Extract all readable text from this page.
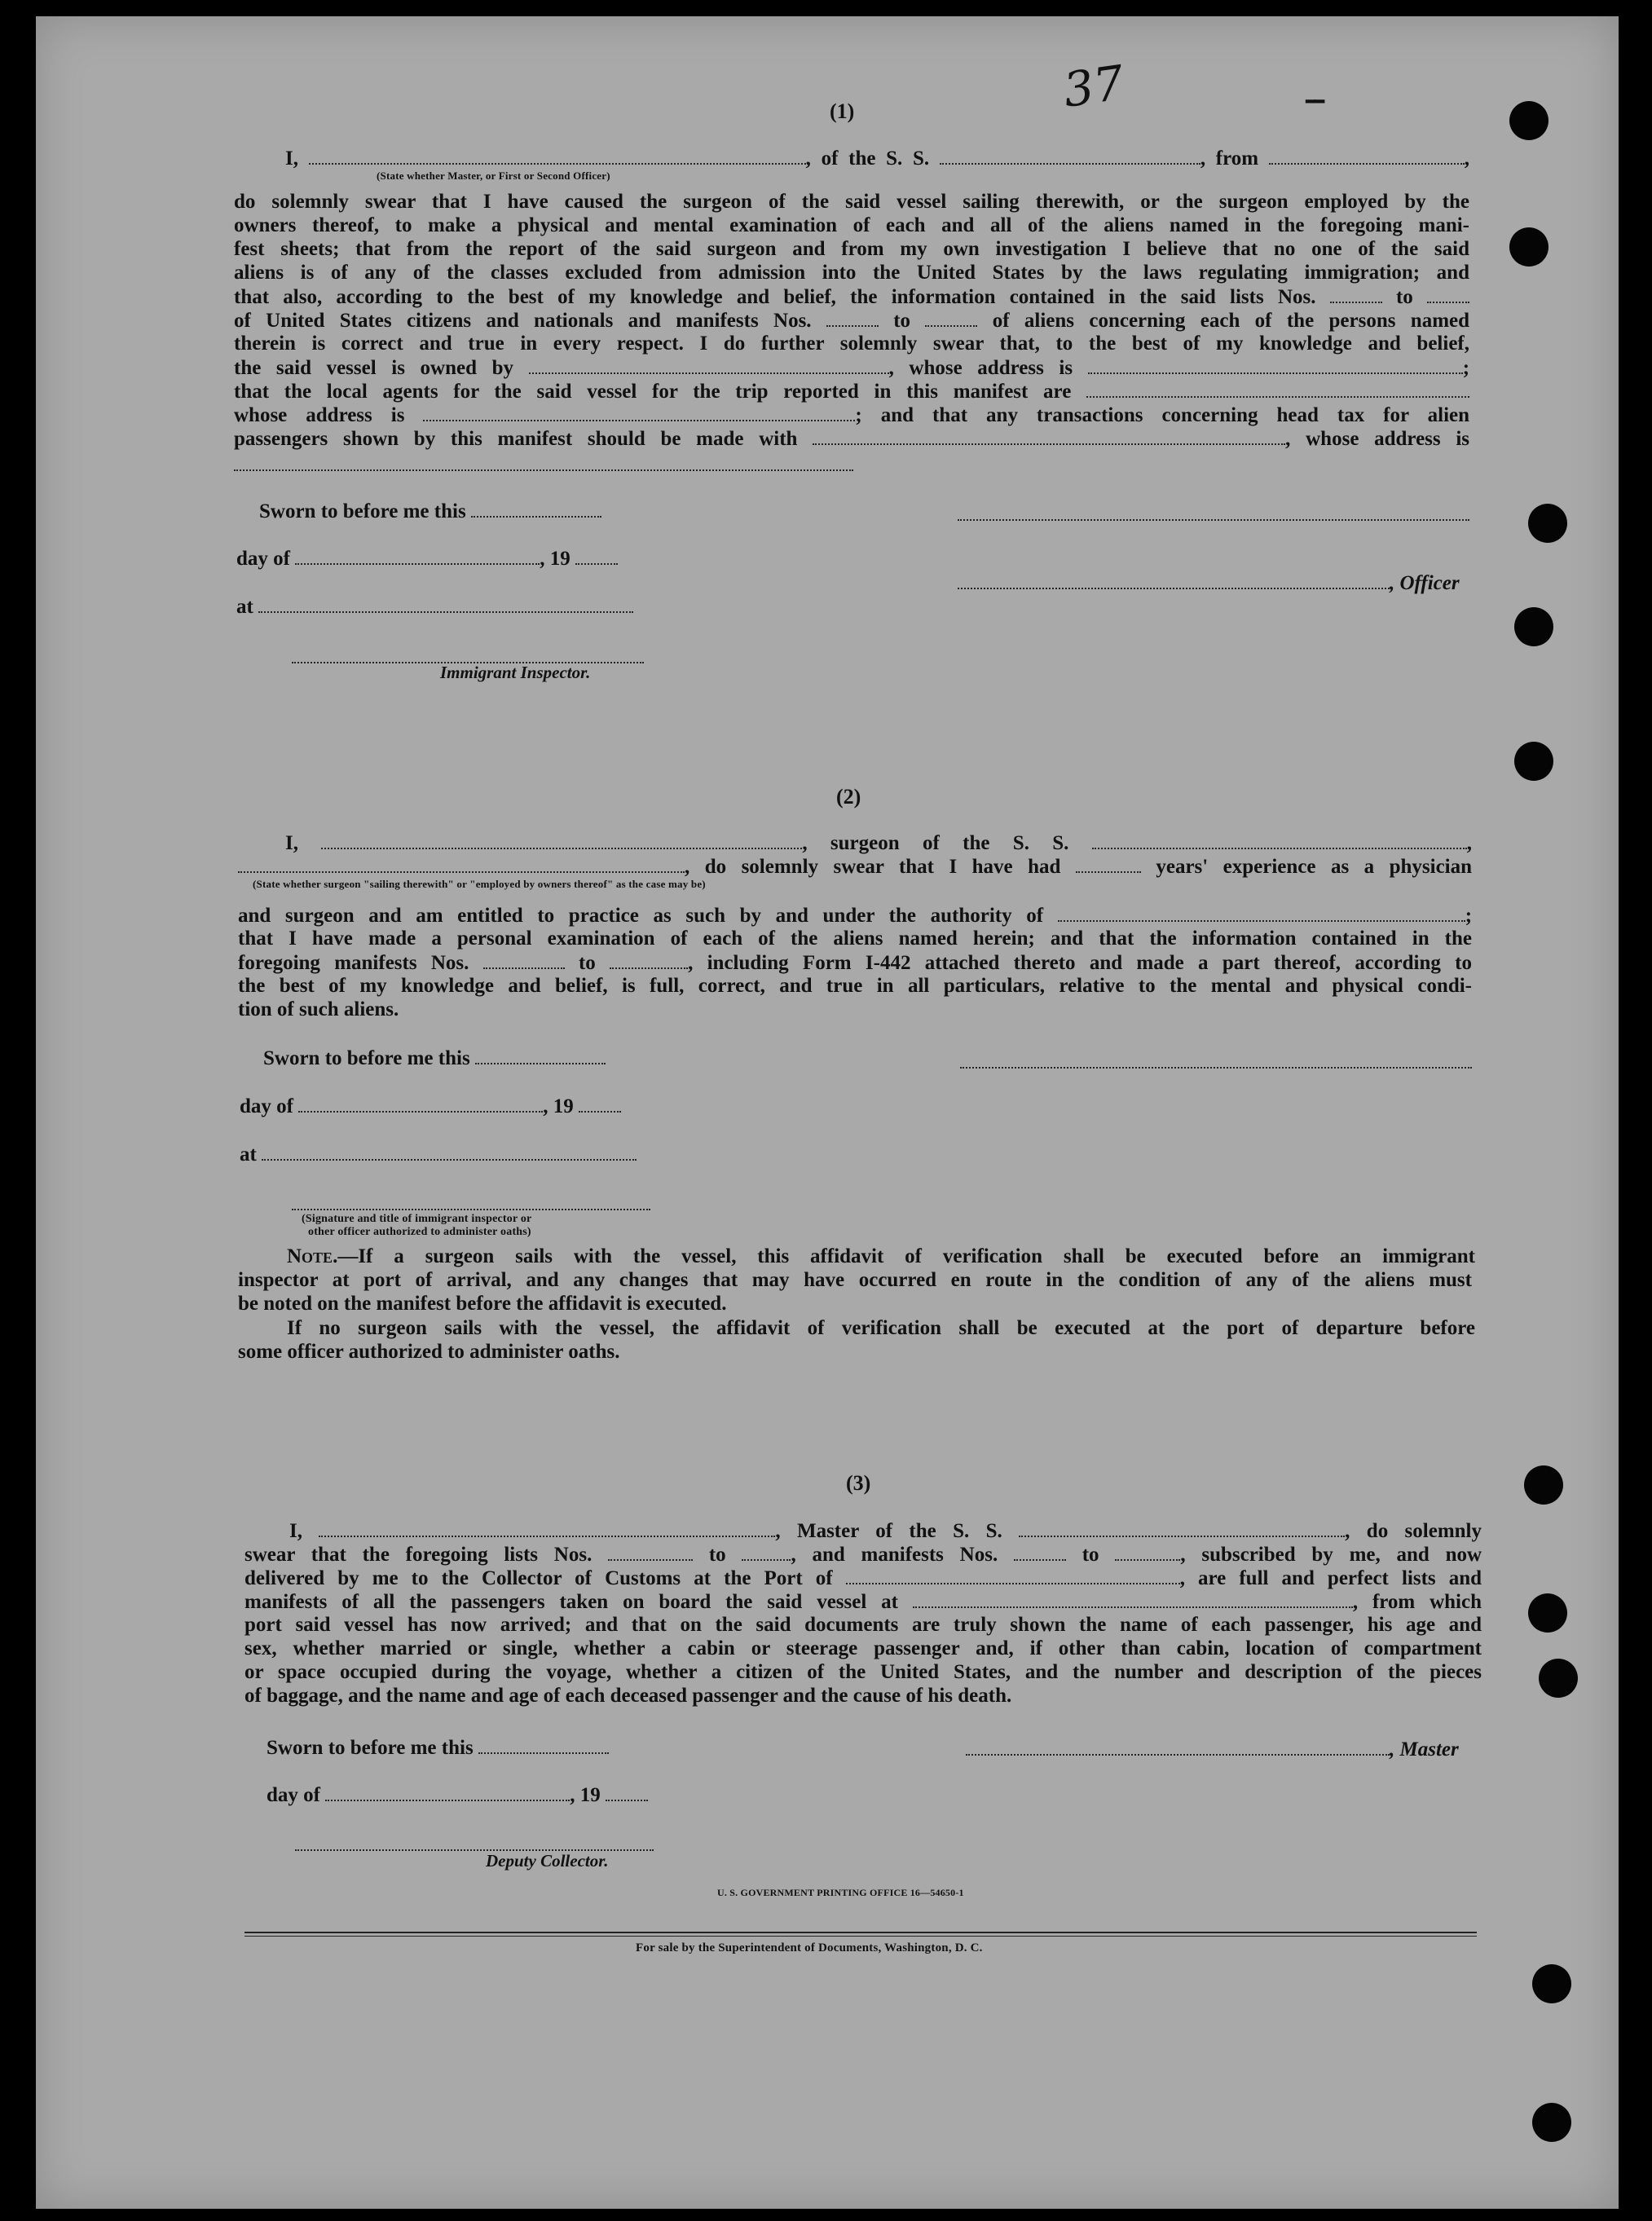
37	--
(1)
I,	, of the S. S.	, from	,
(State whether Master, or First or Second Officer)
do solemnly swear that I have caused the surgeon of the said vessel sailing therewith, or the surgeon employed by the
owners thereof, to make a physical and mental examination of each and all of the aliens named in the foregoing mani-
fest sheets; that from the report of the said surgeon and from my own investigation I believe that no one of the said
aliens is of any of the classes excluded from admission into the United States by the laws regulating immigration; and
that also, according to the best of my knowledge and belief, the information contained in the said lists Nos.	to
of United States citizens and nationals and manifests Nos.	to	of aliens concerning each of the persons named
therein is correct and true in every respect. I do further solemnly swear that, to the best of my knowledge and belief,
the said vessel is owned by	, whose address is	;
that the local agents for the said vessel for the trip reported in this manifest are
whose address is	; and that any transactions concerning head tax for alien
passengers shown by this manifest should be made with	, whose address is
Sworn to before me this
day of	, 19
, Officer
at
Immigrant Inspector.
(2)
I,	, surgeon of the S. S.	,
, do solemnly swear that I have had	years' experience as a physician
(State whether surgeon "sailing therewith" or "employed by owners thereof" as the case may be)
and surgeon and am entitled to practice as such by and under the authority of	;
that I have made a personal examination of each of the aliens named herein; and that the information contained in the
foregoing manifests Nos.	to	, including Form I-442 attached thereto and made a part thereof, according to
the best of my knowledge and belief, is full, correct, and true in all particulars, relative to the mental and physical condi-
tion of such aliens.
Sworn to before me this
day of	, 19
at
(Signature and title of immigrant inspector or
other officer authorized to administer oaths)
Note.—If a surgeon sails with the vessel, this affidavit of verification shall be executed before an immigrant
inspector at port of arrival, and any changes that may have occurred en route in the condition of any of the aliens must
be noted on the manifest before the affidavit is executed.
If no surgeon sails with the vessel, the affidavit of verification shall be executed at the port of departure before
some officer authorized to administer oaths.
(3)
I,	, Master of the S. S.	, do solemnly
swear that the foregoing lists Nos.	to	, and manifests Nos.	to	, subscribed by me, and now
delivered by me to the Collector of Customs at the Port of	, are full and perfect lists and
manifests of all the passengers taken on board the said vessel at	, from which
port said vessel has now arrived; and that on the said documents are truly shown the name of each passenger, his age and
sex, whether married or single, whether a cabin or steerage passenger and, if other than cabin, location of compartment
or space occupied during the voyage, whether a citizen of the United States, and the number and description of the pieces
of baggage, and the name and age of each deceased passenger and the cause of his death.
Sworn to before me this	, Master
day of	, 19
Deputy Collector.
U. S. GOVERNMENT PRINTING OFFICE 16—54650-1
For sale by the Superintendent of Documents, Washington, D. C.
